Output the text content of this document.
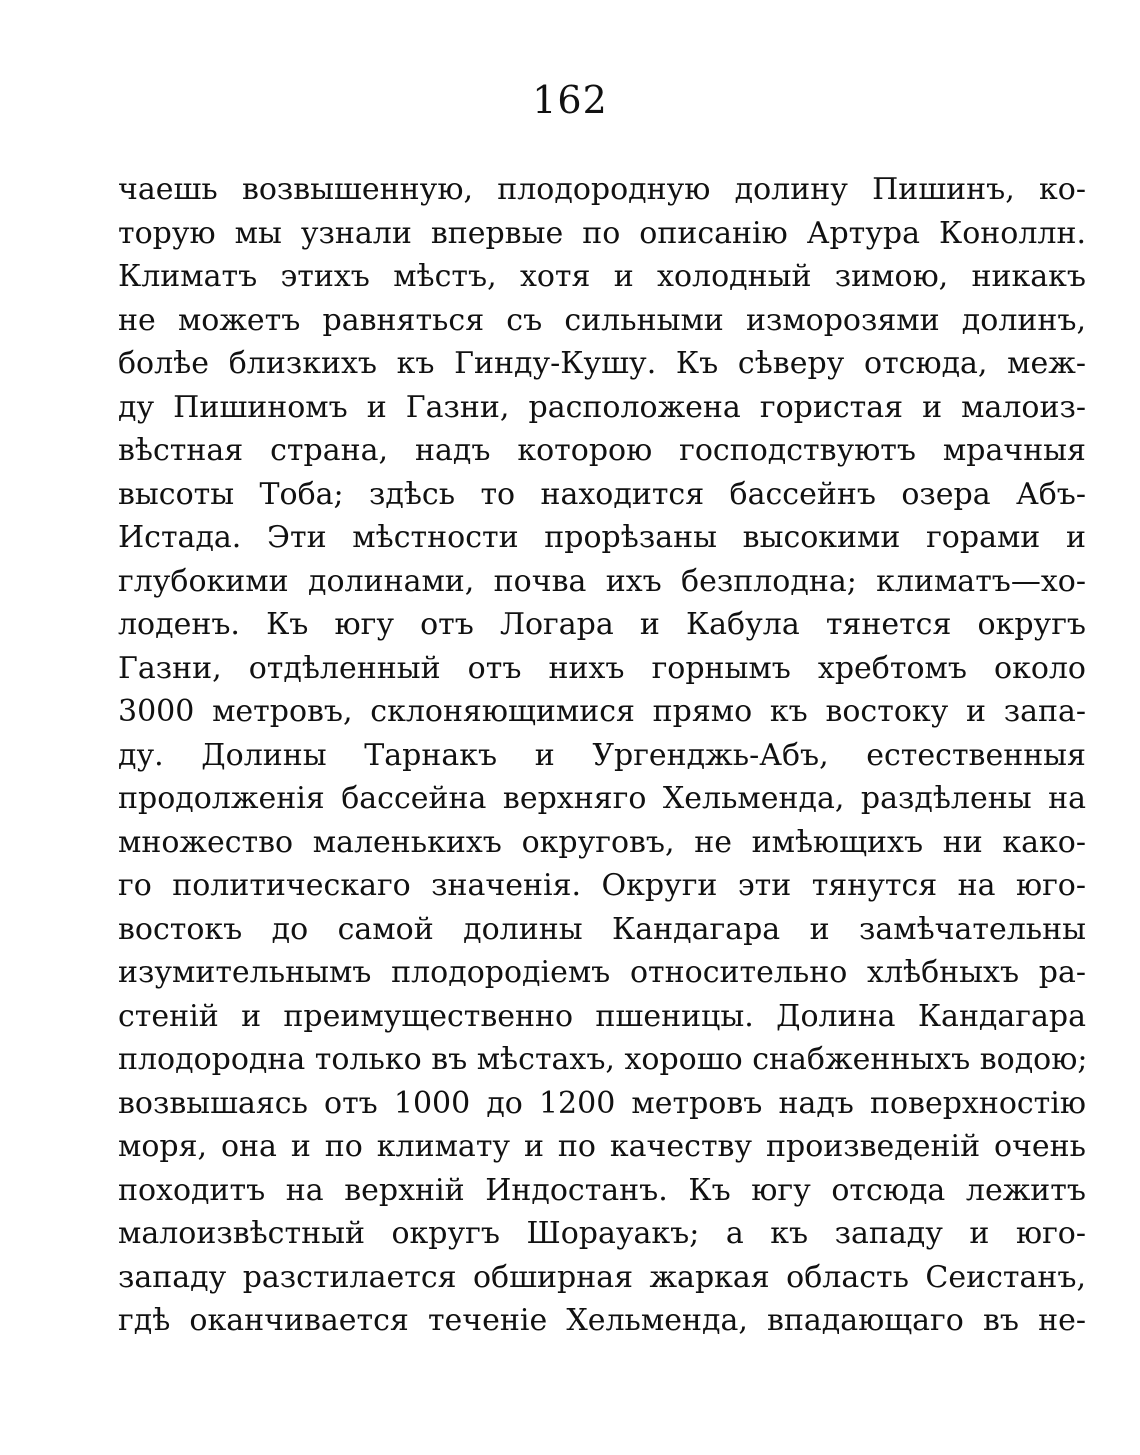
162
чаешь возвышенную, плодородную долину Пишинъ, ко-
торую мы узнали впервые по описанію Артура Коноллн.
Климатъ этихъ мѣстъ, хотя и холодный зимою, никакъ
не можетъ равняться съ сильными изморозями долинъ,
болѣе близкихъ къ Гинду-Кушу. Къ сѣверу отсюда, меж-
ду Пишиномъ и Газни, расположена гористая и малоиз-
вѣстная страна, надъ которою господствуютъ мрачныя
высоты Тоба; здѣсь то находится бассейнъ озера Абъ-
Истада. Эти мѣстности прорѣзаны высокими горами и
глубокими долинами, почва ихъ безплодна; климатъ—хо-
лоденъ. Къ югу отъ Логара и Кабула тянется округъ
Газни, отдѣленный отъ нихъ горнымъ хребтомъ около
3000 метровъ, склоняющимися прямо къ востоку и запа-
ду. Долины Тарнакъ и Ургенджь-Абъ, естественныя
продолженія бассейна верхняго Хельменда, раздѣлены на
множество маленькихъ округовъ, не имѣющихъ ни како-
го политическаго значенія. Округи эти тянутся на юго-
востокъ до самой долины Кандагара и замѣчательны
изумительнымъ плодородіемъ относительно хлѣбныхъ ра-
стеній и преимущественно пшеницы. Долина Кандагара
плодородна только въ мѣстахъ, хорошо снабженныхъ водою;
возвышаясь отъ 1000 до 1200 метровъ надъ поверхностію
моря, она и по климату и по качеству произведеній очень
походитъ на верхній Индостанъ. Къ югу отсюда лежитъ
малоизвѣстный округъ Шорауакъ; а къ западу и юго-
западу разстилается обширная жаркая область Сеистанъ,
гдѣ оканчивается теченіе Хельменда, впадающаго въ не-
